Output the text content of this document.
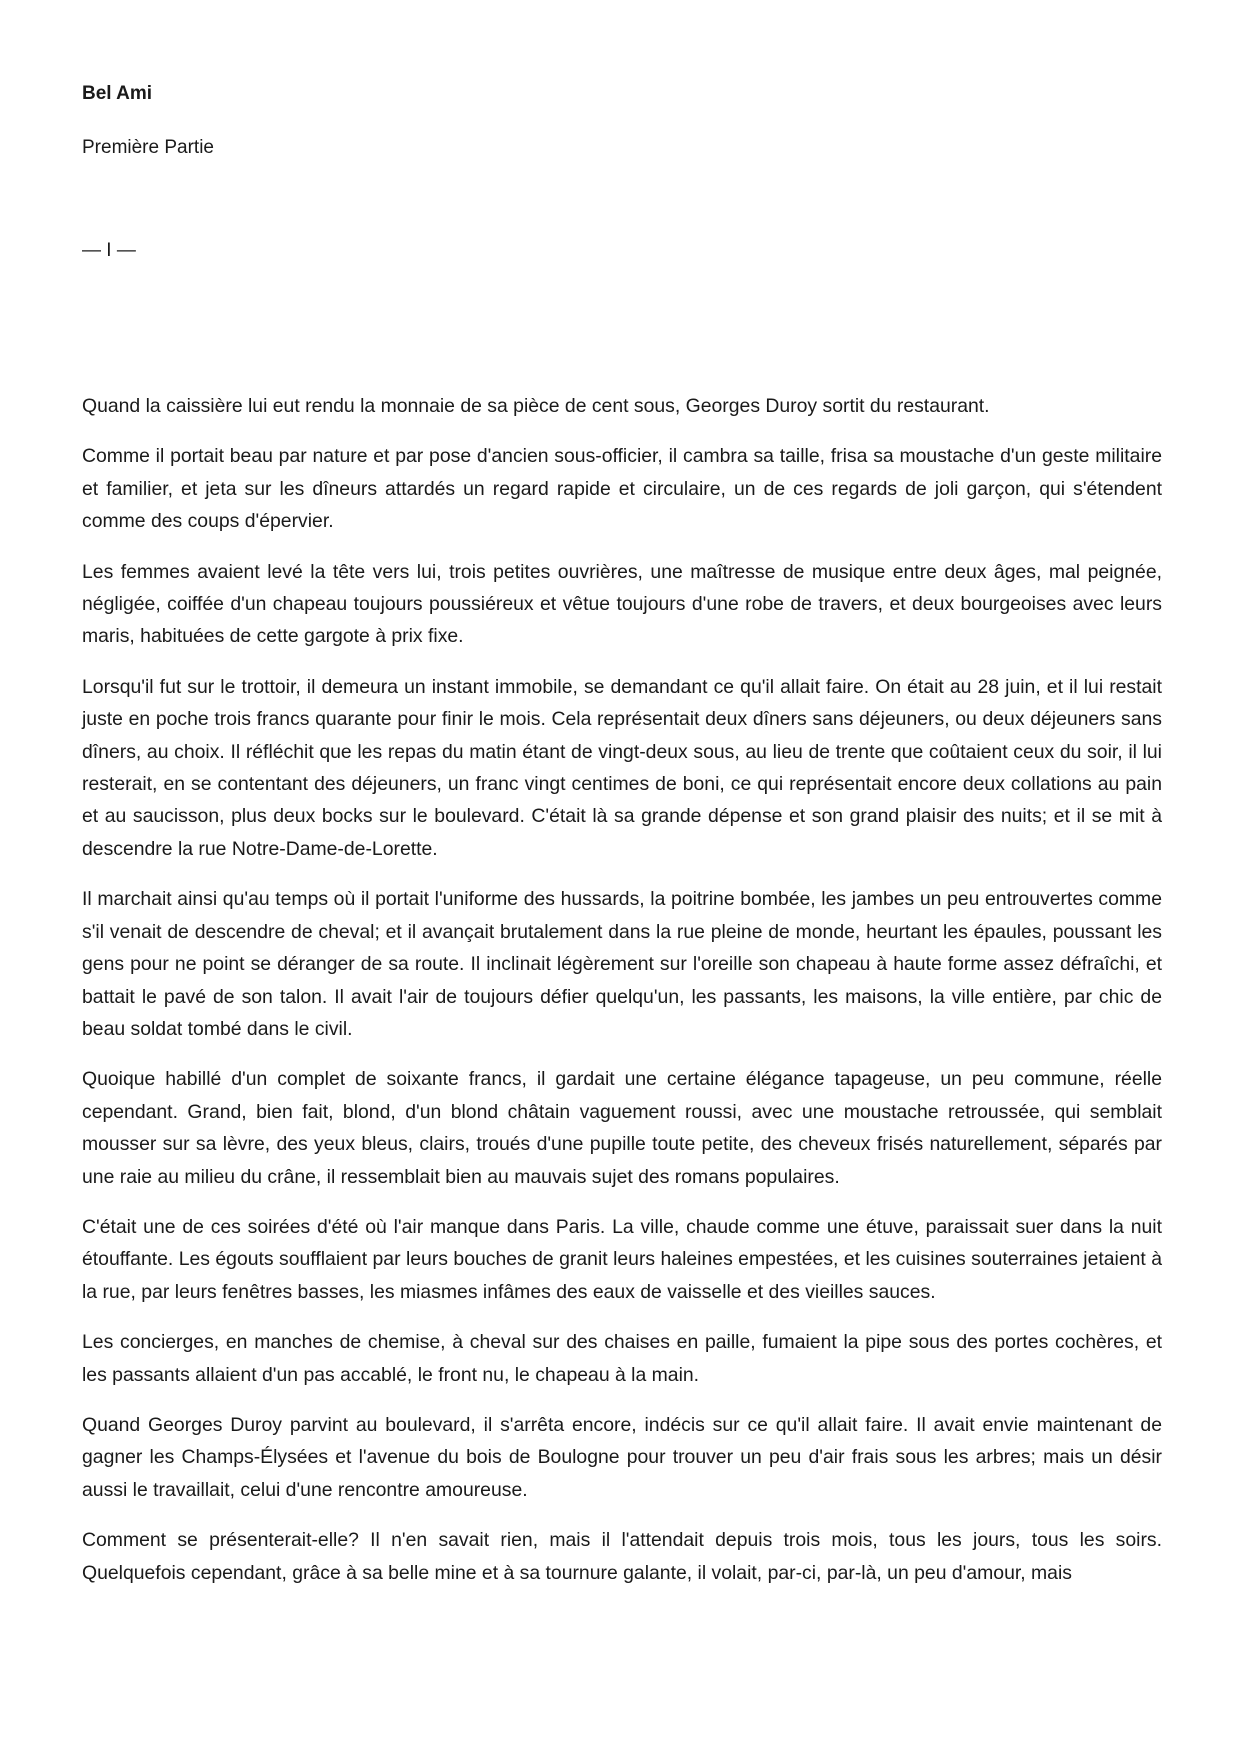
Bel Ami
Première Partie
— I —

Quand la caissière lui eut rendu la monnaie de sa pièce de cent sous, Georges Duroy sortit du restaurant.

Comme il portait beau par nature et par pose d'ancien sous-officier, il cambra sa taille, frisa sa moustache d'un geste militaire et familier, et jeta sur les dîneurs attardés un regard rapide et circulaire, un de ces regards de joli garçon, qui s'étendent comme des coups d'épervier.

Les femmes avaient levé la tête vers lui, trois petites ouvrières, une maîtresse de musique entre deux âges, mal peignée, négligée, coiffée d'un chapeau toujours poussiéreux et vêtue toujours d'une robe de travers, et deux bourgeoises avec leurs maris, habituées de cette gargote à prix fixe.

Lorsqu'il fut sur le trottoir, il demeura un instant immobile, se demandant ce qu'il allait faire. On était au 28 juin, et il lui restait juste en poche trois francs quarante pour finir le mois. Cela représentait deux dîners sans déjeuners, ou deux déjeuners sans dîners, au choix. Il réfléchit que les repas du matin étant de vingt-deux sous, au lieu de trente que coûtaient ceux du soir, il lui resterait, en se contentant des déjeuners, un franc vingt centimes de boni, ce qui représentait encore deux collations au pain et au saucisson, plus deux bocks sur le boulevard. C'était là sa grande dépense et son grand plaisir des nuits; et il se mit à descendre la rue Notre-Dame-de-Lorette.

Il marchait ainsi qu'au temps où il portait l'uniforme des hussards, la poitrine bombée, les jambes un peu entrouvertes comme s'il venait de descendre de cheval; et il avançait brutalement dans la rue pleine de monde, heurtant les épaules, poussant les gens pour ne point se déranger de sa route. Il inclinait légèrement sur l'oreille son chapeau à haute forme assez défraîchi, et battait le pavé de son talon. Il avait l'air de toujours défier quelqu'un, les passants, les maisons, la ville entière, par chic de beau soldat tombé dans le civil.

Quoique habillé d'un complet de soixante francs, il gardait une certaine élégance tapageuse, un peu commune, réelle cependant. Grand, bien fait, blond, d'un blond châtain vaguement roussi, avec une moustache retroussée, qui semblait mousser sur sa lèvre, des yeux bleus, clairs, troués d'une pupille toute petite, des cheveux frisés naturellement, séparés par une raie au milieu du crâne, il ressemblait bien au mauvais sujet des romans populaires.

C'était une de ces soirées d'été où l'air manque dans Paris. La ville, chaude comme une étuve, paraissait suer dans la nuit étouffante. Les égouts soufflaient par leurs bouches de granit leurs haleines empestées, et les cuisines souterraines jetaient à la rue, par leurs fenêtres basses, les miasmes infâmes des eaux de vaisselle et des vieilles sauces.

Les concierges, en manches de chemise, à cheval sur des chaises en paille, fumaient la pipe sous des portes cochères, et les passants allaient d'un pas accablé, le front nu, le chapeau à la main.

Quand Georges Duroy parvint au boulevard, il s'arrêta encore, indécis sur ce qu'il allait faire. Il avait envie maintenant de gagner les Champs-Élysées et l'avenue du bois de Boulogne pour trouver un peu d'air frais sous les arbres; mais un désir aussi le travaillait, celui d'une rencontre amoureuse.

Comment se présenterait-elle? Il n'en savait rien, mais il l'attendait depuis trois mois, tous les jours, tous les soirs. Quelquefois cependant, grâce à sa belle mine et à sa tournure galante, il volait, par-ci, par-là, un peu d'amour, mais
